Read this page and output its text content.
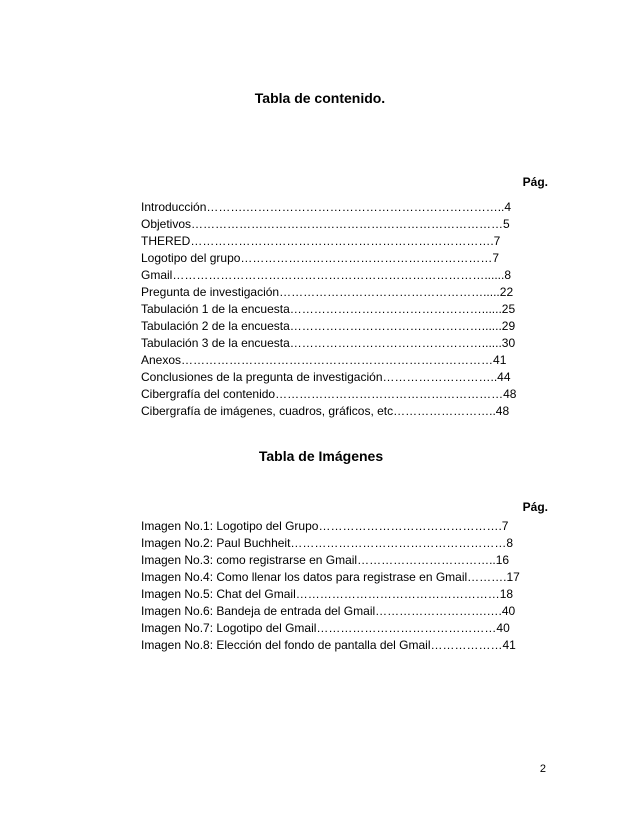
Tabla de contenido.
Pág.
Introducción……….………………………………………………………..4
Objetivos……………………………………………………………………5
THERED………………………………………………………………….7
Logotipo del grupo………………………………………………………7
Gmail……………………………………………………………………......8
Pregunta de investigación…………………………………………….....22
Tabulación 1 de la encuesta…………………………………………......25
Tabulación 2 de la encuesta…………………………………………......29
Tabulación 3 de la encuesta…………………………………………......30
Anexos……………………………………………………………………41
Conclusiones de la pregunta de investigación………………………..44
Cibergrafía del contenido…………………………………………………48
Cibergrafía de imágenes, cuadros, gráficos, etc……………………..48
Tabla de Imágenes
Pág.
Imagen No.1: Logotipo del Grupo……………………………………….7
Imagen No.2: Paul Buchheit………………………………………………8
Imagen No.3: como registrarse en Gmail……………………………..16
Imagen No.4: Como llenar los datos para registrase en Gmail……….17
Imagen No.5: Chat del Gmail……………………………………………18
Imagen No.6: Bandeja de entrada del Gmail……………………….….40
Imagen No.7: Logotipo del Gmail………………………………………40
Imagen No.8: Elección del fondo de pantalla del Gmail………………41
2
